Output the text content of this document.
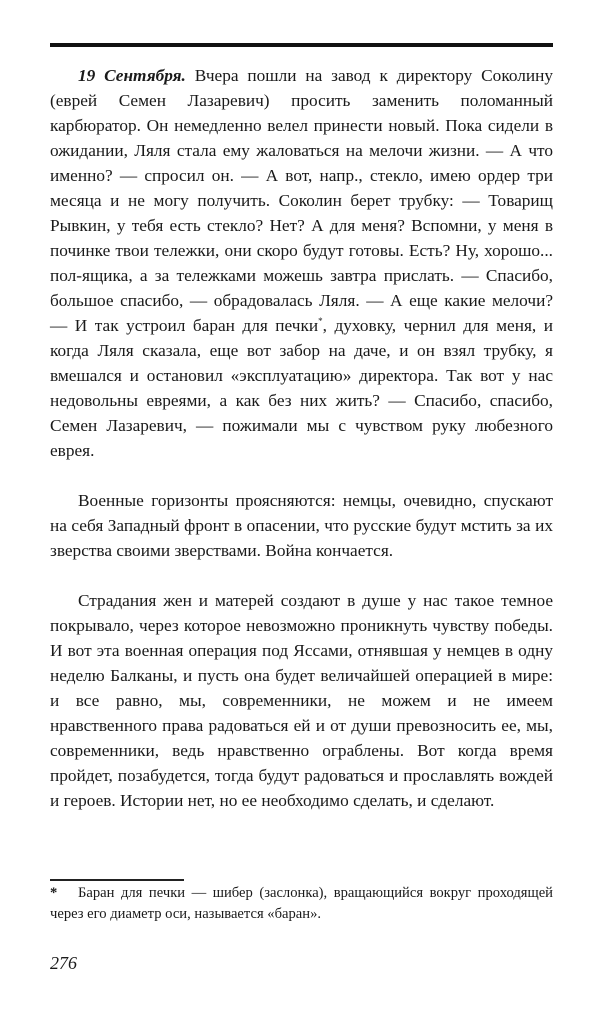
19 Сентября. Вчера пошли на завод к директору Соколину (еврей Семен Лазаревич) просить заменить поломанный карбюратор. Он немедленно велел принести новый. Пока сидели в ожидании, Ляля стала ему жаловаться на мелочи жизни. — А что именно? — спросил он. — А вот, напр., стекло, имею ордер три месяца и не могу получить. Соколин берет трубку: — Товарищ Рывкин, у тебя есть стекло? Нет? А для меня? Вспомни, у меня в починке твои тележки, они скоро будут готовы. Есть? Ну, хорошо... пол-ящика, а за тележками можешь завтра прислать. — Спасибо, большое спасибо, — обрадовалась Ляля. — А еще какие мелочи? — И так устроил баран для печки*, духовку, чернил для меня, и когда Ляля сказала, еще вот забор на даче, и он взял трубку, я вмешался и остановил «эксплуатацию» директора. Так вот у нас недовольны евреями, а как без них жить? — Спасибо, спасибо, Семен Лазаревич, — пожимали мы с чувством руку любезного еврея.

Военные горизонты проясняются: немцы, очевидно, спускают на себя Западный фронт в опасении, что русские будут мстить за их зверства своими зверствами. Война кончается.

Страдания жен и матерей создают в душе у нас такое темное покрывало, через которое невозможно проникнуть чувству победы. И вот эта военная операция под Яссами, отнявшая у немцев в одну неделю Балканы, и пусть она будет величайшей операцией в мире: и все равно, мы, современники, не можем и не имеем нравственного права радоваться ей и от души превозносить ее, мы, современники, ведь нравственно ограблены. Вот когда время пройдет, позабудется, тогда будут радоваться и прославлять вождей и героев. Истории нет, но ее необходимо сделать, и сделают.

* Баран для печки — шибер (заслонка), вращающийся вокруг проходящей через его диаметр оси, называется «баран».
276
